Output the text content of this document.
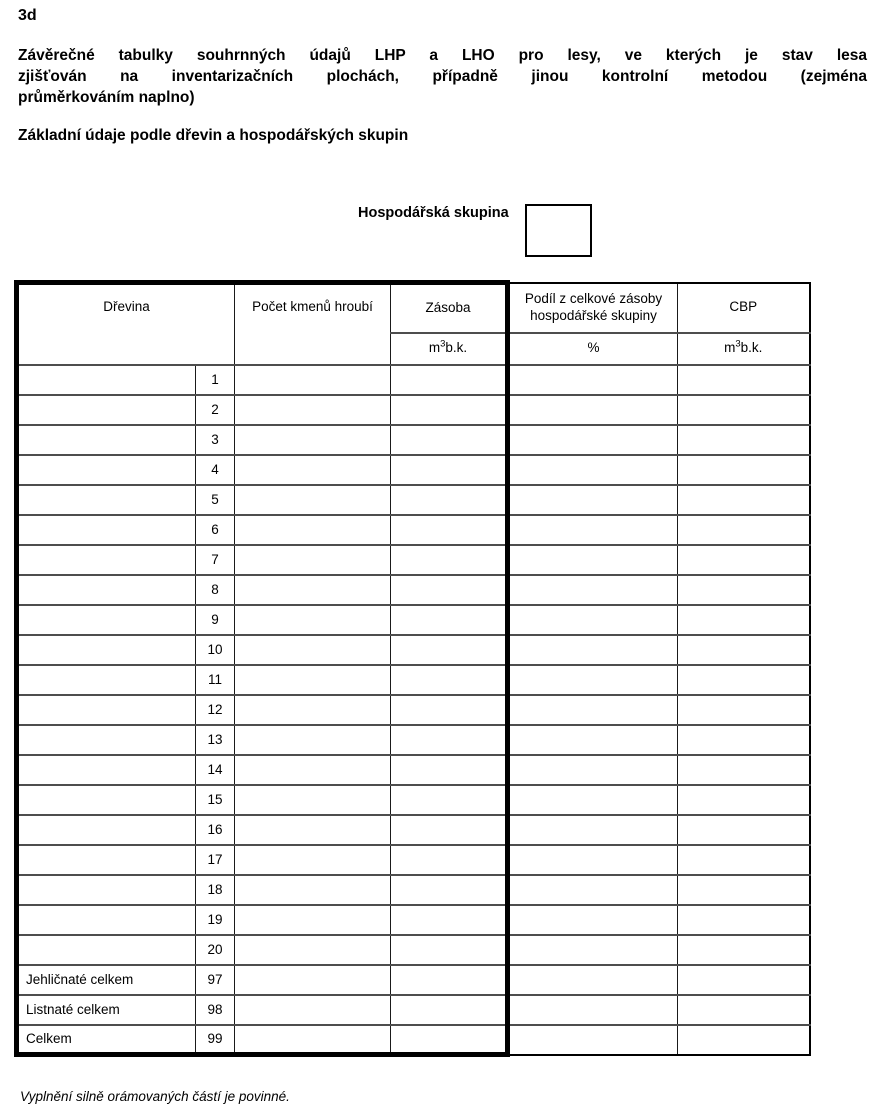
3d
Závěrečné tabulky souhrnných údajů LHP a LHO pro lesy, ve kterých je stav lesa
zjišťován na inventarizačních plochách, případně jinou kontrolní metodou (zejména
průměrkováním naplno)
Základní údaje podle dřevin a hospodářských skupin
Hospodářská skupina
Dřevina		Počet kmenů hroubí	Zásoba	Podíl z celkové zásoby hospodářské skupiny	CBP
			$m^3b.k$.	%	$m^3b.k$.
	1				
	2				
	3				
	4				
	5				
	6				
	7				
	8				
	9				
	10				
	11				
	12				
	13				
	14				
	15				
	16				
	17				
	18				
	19				
	20				
Jehličnaté celkem	97				
Listnaté celkem	98				
Celkem	99				
Vyplnění silně orámovaných částí je povinné.
